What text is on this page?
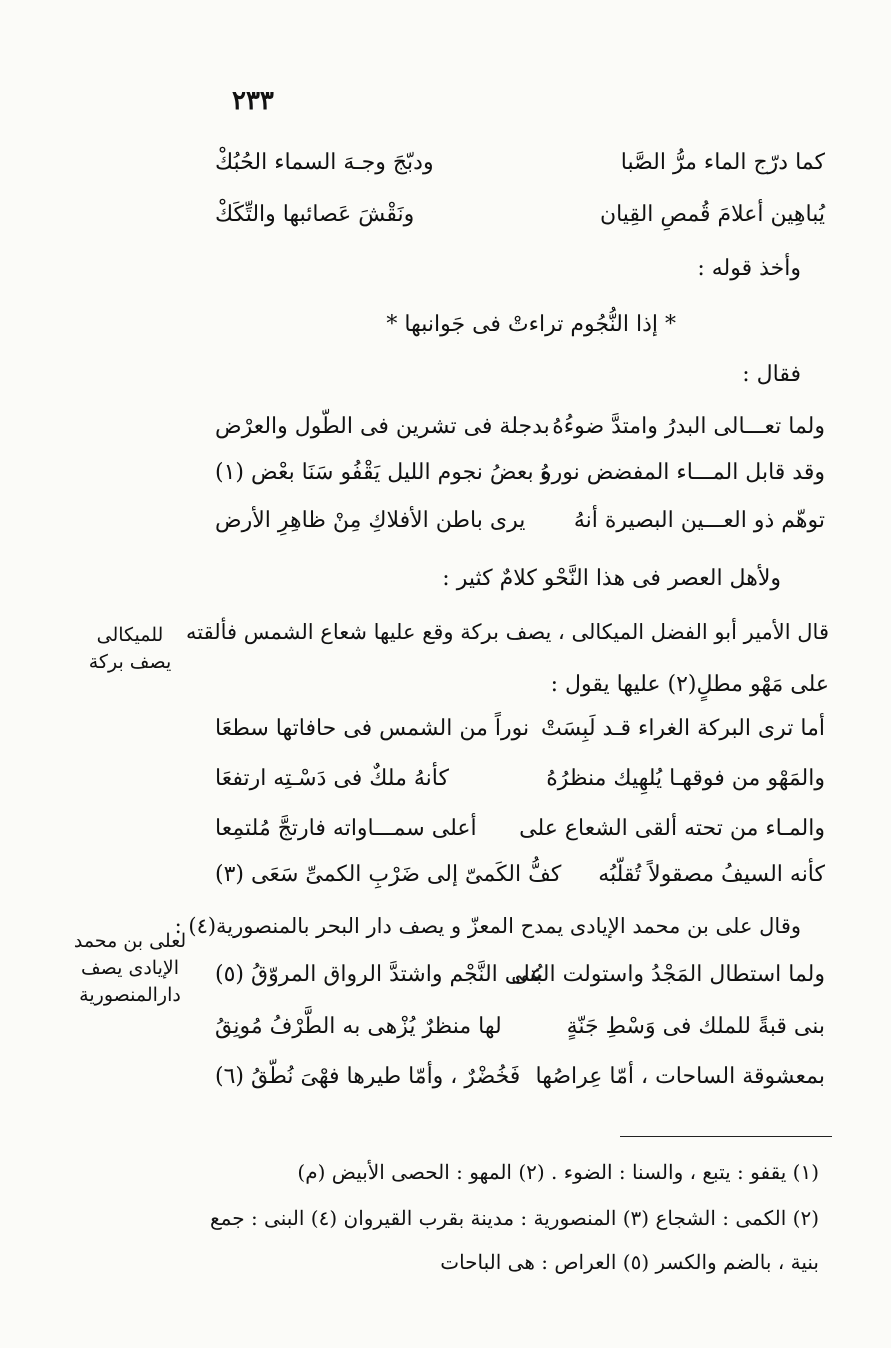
٢٣٣
كما درّج الماء مرُّ الصَّبا
ودبّجَ وجـهَ السماء الحُبُكْ
يُباهِين أعلامَ قُمصِ القِيان
ونَقْشَ عَصائبها والتِّكَكْ
وأخذ قوله :
* إذا النُّجُوم تراءتْ فى جَوانبها *
فقال :
ولما تعـــالى البدرُ وامتدَّ ضوءُهُ
بدجلة فى تشرين فى الطّول والعرْض
وقد قابل المـــاء المفضض نورهُ
و بعضُ نجوم الليل يَقْفُو سَنَا بعْض (١)
توهّم ذو العـــين البصيرة أنهُ
يرى باطن الأفلاكِ مِنْ ظاهِرِ الأرض
ولأهل العصر فى هذا النَّحْو كلامٌ كثير :
قال الأمير أبو الفضل الميكالى ، يصف بركة وقع عليها شعاع الشمس فألقته
على مَهْو مطلٍ(٢) عليها يقول :
للميكالى
يصف بركة
أما ترى البركة الغراء قـد لَبِسَتْ
نوراً من الشمس فى حافاتها سطعَا
والمَهْو من فوقهـا يُلهِيك منظرُهُ
كأنهُ ملكٌ فى دَسْـتِه ارتفعَا
والمـاء من تحته ألقى الشعاع على
أعلى سمـــاواته فارتجَّ مُلتمِعا
كأنه السيفُ مصقولاً تُقلّبُه
كفُّ الكَمىّ إلى ضَرْبِ الكمىِّ سَعَى (٣)
وقال على بن محمد الإيادى يمدح المعزّ و يصف دار البحر بالمنصورية(٤) :
لعلى بن محمد
الإيادى يصف
دارالمنصورية
ولما استطال المَجْدُ واستولت البُنى
على النَّجْم واشتدَّ الرواق المروّقُ (٥)
بنى قبةً للملك فى وَسْطِ جَنّةٍ
لها منظرٌ يُزْهى به الطَّرْفُ مُونِقُ
بمعشوقة الساحات ، أمّا عِراصُها
فَخُضْرٌ ، وأمّا طيرها فهْىَ نُطّقُ (٦)
(١) يقفو : يتبع ، والسنا : الضوء . (٢) المهو : الحصى الأبيض (م)
(٢) الكمى : الشجاع (٣) المنصورية : مدينة بقرب القيروان (٤) البنى : جمع
بنية ، بالضم والكسر (٥) العراص : هى الباحات
